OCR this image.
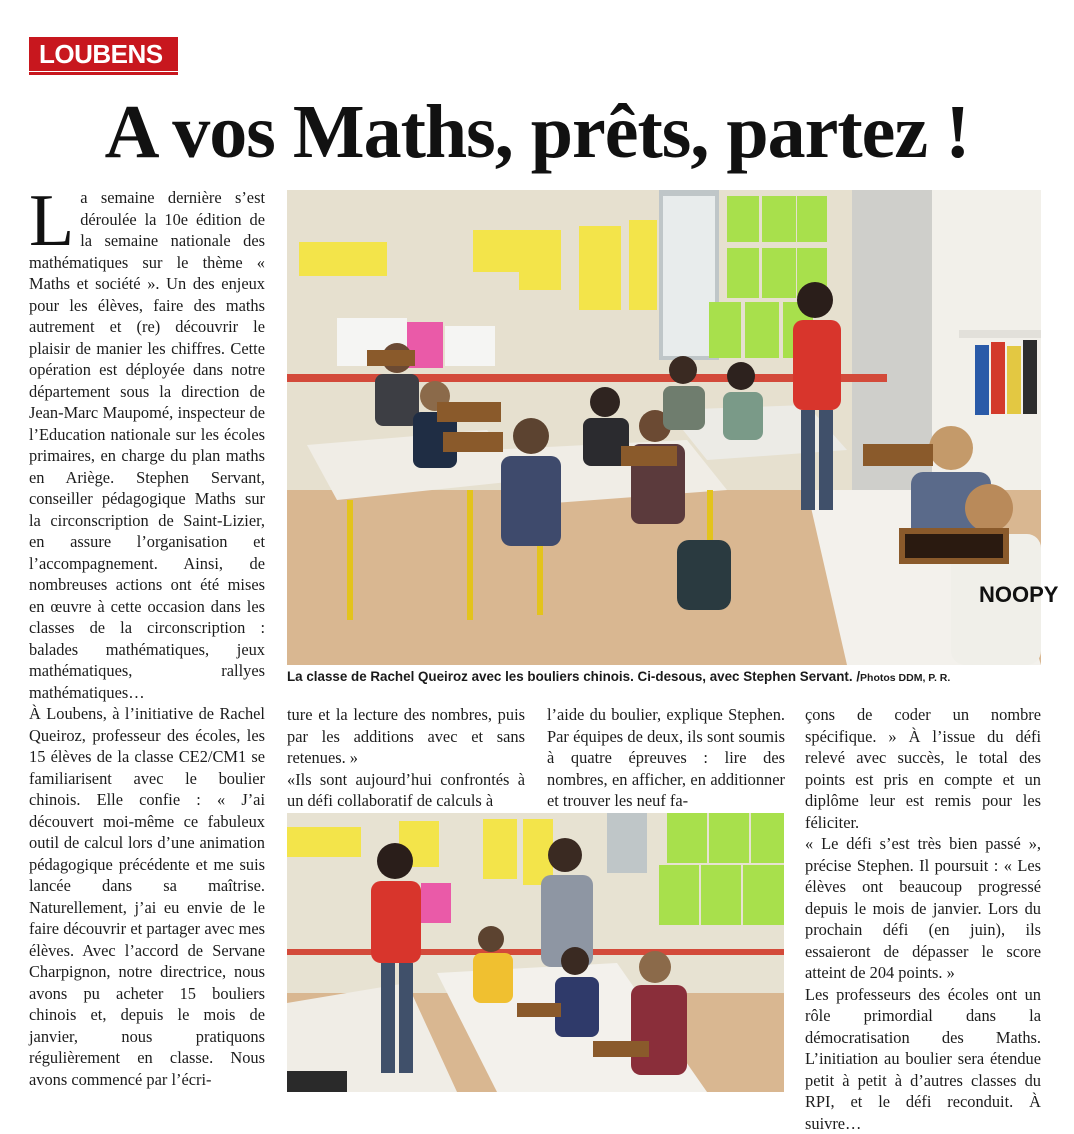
LOUBENS
A vos Maths, prêts, partez !

La semaine dernière s’est déroulée la 10e édition de la semaine nationale des mathématiques sur le thème « Maths et société ». Un des enjeux pour les élèves, faire des maths autrement et (re) découvrir le plaisir de manier les chiffres. Cette opération est déployée dans notre département sous la direction de Jean-Marc Maupomé, inspecteur de l’Education nationale sur les écoles primaires, en charge du plan maths en Ariège. Stephen Servant, conseiller pédagogique Maths sur la circonscription de Saint-Lizier, en assure l’organisation et l’accompagnement. Ainsi, de nombreuses actions ont été mises en œuvre à cette occasion dans les classes de la circonscription : balades mathématiques, jeux mathématiques, rallyes mathématiques…

À Loubens, à l’initiative de Rachel Queiroz, professeur des écoles, les 15 élèves de la classe CE2/CM1 se familiarisent avec le boulier chinois. Elle confie : « J’ai découvert moi-même ce fabuleux outil de calcul lors d’une animation pédagogique précédente et me suis lancée dans sa maîtrise. Naturellement, j’ai eu envie de le faire découvrir et partager avec mes élèves. Avec l’accord de Servane Charpignon, notre directrice, nous avons pu acheter 15 bouliers chinois et, depuis le mois de janvier, nous pratiquons régulièrement en classe. Nous avons commencé par l’écri-

NOOPY
La classe de Rachel Queiroz avec les bouliers chinois. Ci-desous, avec Stephen Servant. /Photos DDM, P. R.

ture et la lecture des nombres, puis par les additions avec et sans retenues. »

«Ils sont aujourd’hui confrontés à un défi collaboratif de calculs à

l’aide du boulier, explique Stephen. Par équipes de deux, ils sont soumis à quatre épreuves : lire des nombres, en afficher, en additionner et trouver les neuf fa-

çons de coder un nombre spécifique. » À l’issue du défi relevé avec succès, le total des points est pris en compte et un diplôme leur est remis pour les féliciter.

« Le défi s’est très bien passé », précise Stephen. Il poursuit : « Les élèves ont beaucoup progressé depuis le mois de janvier. Lors du prochain défi (en juin), ils essaieront de dépasser le score atteint de 204 points. »

Les professeurs des écoles ont un rôle primordial dans la démocratisation des Maths. L’initiation au boulier sera étendue petit à petit à d’autres classes du RPI, et le défi reconduit. À suivre…
